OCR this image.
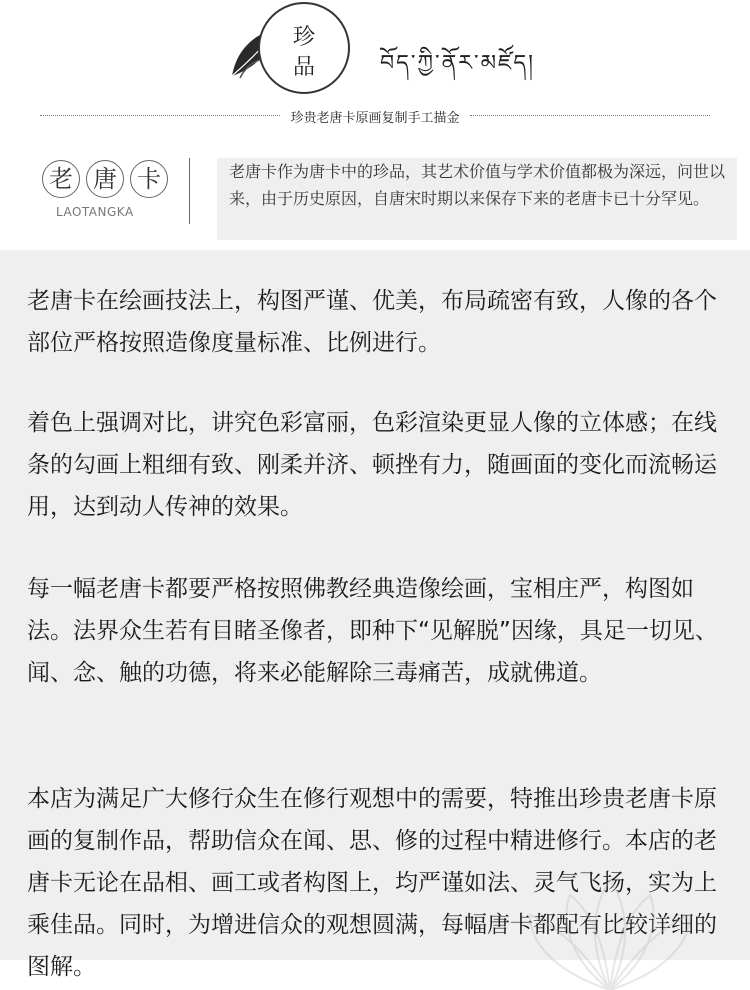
珍
品	བོད་ཀྱི་ནོར་མཛོད།
珍贵老唐卡原画复制手工描金
老 唐 卡
LAOTANGKA
老唐卡作为唐卡中的珍品，其艺术价值与学术价值都极为深远，问世以来，由于历史原因，自唐宋时期以来保存下来的老唐卡已十分罕见。
老唐卡在绘画技法上，构图严谨、优美，布局疏密有致，人像的各个部位严格按照造像度量标准、比例进行。
着色上强调对比，讲究色彩富丽，色彩渲染更显人像的立体感；在线条的勾画上粗细有致、刚柔并济、顿挫有力，随画面的变化而流畅运用，达到动人传神的效果。
每一幅老唐卡都要严格按照佛教经典造像绘画，宝相庄严，构图如法。法界众生若有目睹圣像者，即种下“见解脱”因缘，具足一切见、闻、念、触的功德，将来必能解除三毒痛苦，成就佛道。
本店为满足广大修行众生在修行观想中的需要，特推出珍贵老唐卡原画的复制作品，帮助信众在闻、思、修的过程中精进修行。本店的老唐卡无论在品相、画工或者构图上，均严谨如法、灵气飞扬，实为上乘佳品。同时，为增进信众的观想圆满，每幅唐卡都配有比较详细的图解。
